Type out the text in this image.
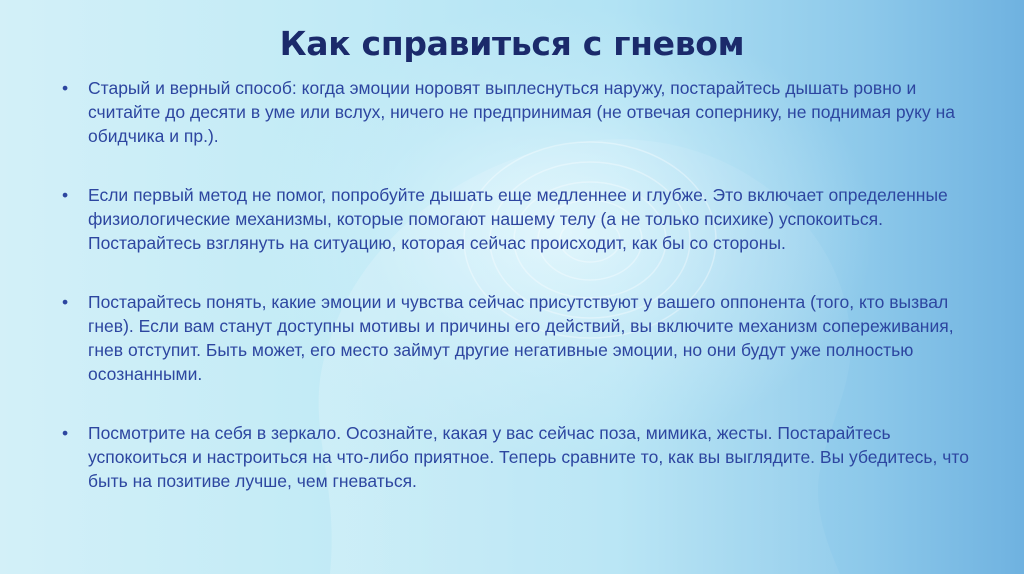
Как справиться с гневом
• Старый и верный способ: когда эмоции норовят выплеснуться наружу, постарайтесь дышать ровно и считайте до десяти в уме или вслух, ничего не предпринимая (не отвечая сопернику, не поднимая руку на обидчика и пр.).
• Если первый метод не помог, попробуйте дышать еще медленнее и глубже. Это включает определенные физиологические механизмы, которые помогают нашему телу (а не только психике) успокоиться. Постарайтесь взглянуть на ситуацию, которая сейчас происходит, как бы со стороны.
• Постарайтесь понять, какие эмоции и чувства сейчас присутствуют у вашего оппонента (того, кто вызвал гнев). Если вам станут доступны мотивы и причины его действий, вы включите механизм сопереживания, гнев отступит. Быть может, его место займут другие негативные эмоции, но они будут уже полностью осознанными.
• Посмотрите на себя в зеркало. Осознайте, какая у вас сейчас поза, мимика, жесты. Постарайтесь успокоиться и настроиться на что-либо приятное. Теперь сравните то, как вы выглядите. Вы убедитесь, что быть на позитиве лучше, чем гневаться.
